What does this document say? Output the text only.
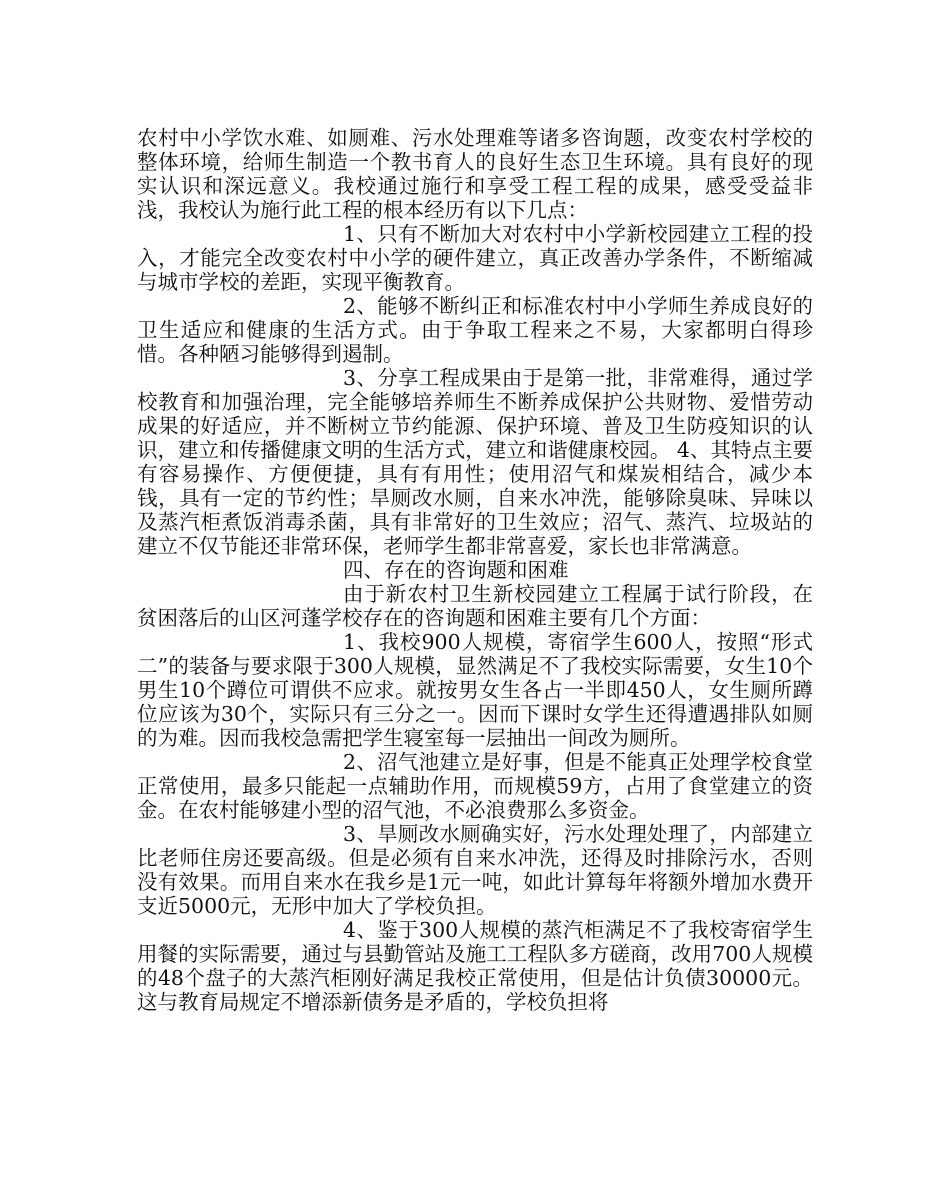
农村中小学饮水难、如厕难、污水处理难等诸多咨询题，改变农村学校的整体环境，给师生制造一个教书育人的良好生态卫生环境。具有良好的现实认识和深远意义。我校通过施行和享受工程工程的成果，感受受益非浅，我校认为施行此工程的根本经历有以下几点：

1、只有不断加大对农村中小学新校园建立工程的投入，才能完全改变农村中小学的硬件建立，真正改善办学条件，不断缩减与城市学校的差距，实现平衡教育。

2、能够不断纠正和标准农村中小学师生养成良好的卫生适应和健康的生活方式。由于争取工程来之不易，大家都明白得珍惜。各种陋习能够得到遏制。

3、分享工程成果由于是第一批，非常难得，通过学校教育和加强治理，完全能够培养师生不断养成保护公共财物、爱惜劳动成果的好适应，并不断树立节约能源、保护环境、普及卫生防疫知识的认识，建立和传播健康文明的生活方式，建立和谐健康校园。 4、其特点主要有容易操作、方便便捷，具有有用性；使用沼气和煤炭相结合，减少本钱，具有一定的节约性；旱厕改水厕，自来水冲洗，能够除臭味、异味以及蒸汽柜煮饭消毒杀菌，具有非常好的卫生效应；沼气、蒸汽、垃圾站的建立不仅节能还非常环保，老师学生都非常喜爱，家长也非常满意。

四、存在的咨询题和困难

由于新农村卫生新校园建立工程属于试行阶段，在贫困落后的山区河蓬学校存在的咨询题和困难主要有几个方面：

1、我校900人规模，寄宿学生600人，按照“形式二”的装备与要求限于300人规模，显然满足不了我校实际需要，女生10个男生10个蹲位可谓供不应求。就按男女生各占一半即450人，女生厕所蹲位应该为30个，实际只有三分之一。因而下课时女学生还得遭遇排队如厕的为难。因而我校急需把学生寝室每一层抽出一间改为厕所。

2、沼气池建立是好事，但是不能真正处理学校食堂正常使用，最多只能起一点辅助作用，而规模59方，占用了食堂建立的资金。在农村能够建小型的沼气池，不必浪费那么多资金。

3、旱厕改水厕确实好，污水处理处理了，内部建立比老师住房还要高级。但是必须有自来水冲洗，还得及时排除污水，否则没有效果。而用自来水在我乡是1元一吨，如此计算每年将额外增加水费开支近5000元，无形中加大了学校负担。

4、鉴于300人规模的蒸汽柜满足不了我校寄宿学生用餐的实际需要，通过与县勤管站及施工工程队多方磋商，改用700人规模的48个盘子的大蒸汽柜刚好满足我校正常使用，但是估计负债30000元。这与教育局规定不增添新债务是矛盾的，学校负担将
